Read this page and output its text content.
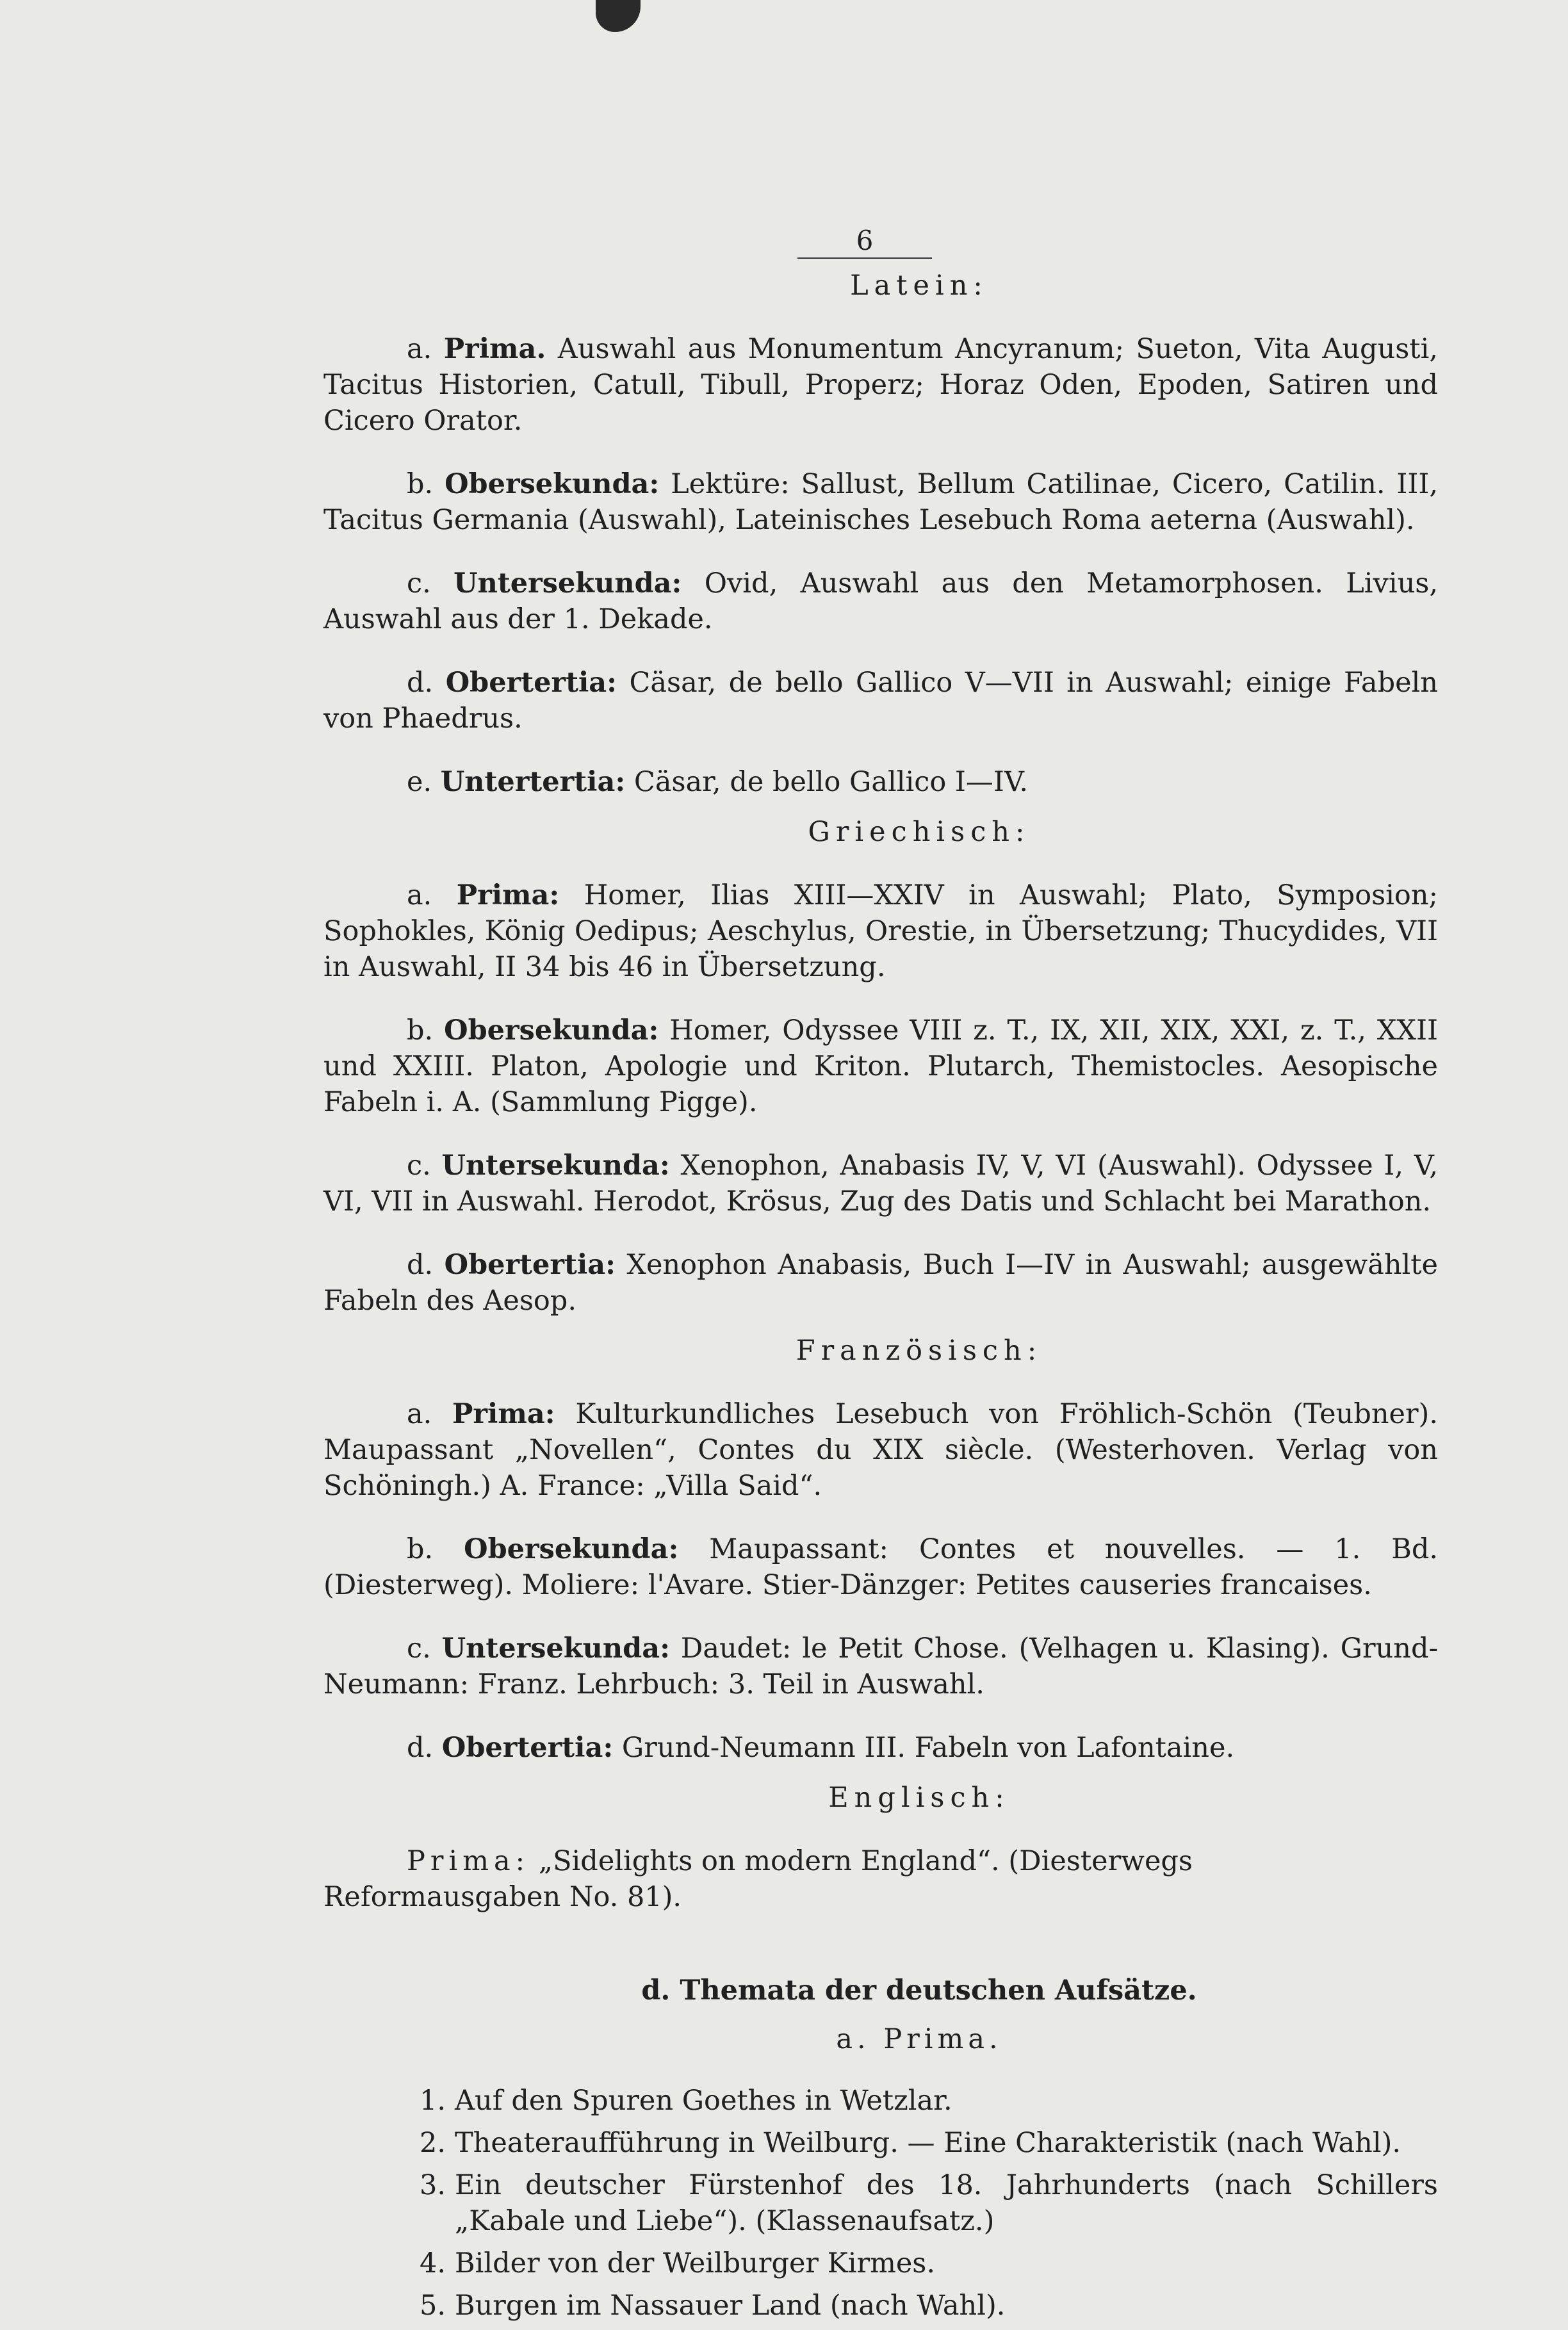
6
Latein:

a. Prima. Auswahl aus Monumentum Ancyranum; Sueton, Vita Augusti, Tacitus Historien, Catull, Tibull, Properz; Horaz Oden, Epoden, Satiren und Cicero Orator.

b. Obersekunda: Lektüre: Sallust, Bellum Catilinae, Cicero, Catilin. III, Tacitus Germania (Auswahl), Lateinisches Lesebuch Roma aeterna (Auswahl).

c. Untersekunda: Ovid, Auswahl aus den Metamorphosen. Livius, Auswahl aus der 1. Dekade.

d. Obertertia: Cäsar, de bello Gallico V—VII in Auswahl; einige Fabeln von Phaedrus.

e. Untertertia: Cäsar, de bello Gallico I—IV.

Griechisch:

a. Prima: Homer, Ilias XIII—XXIV in Auswahl; Plato, Symposion; Sophokles, König Oedipus; Aeschylus, Orestie, in Übersetzung; Thucydides, VII in Auswahl, II 34 bis 46 in Übersetzung.

b. Obersekunda: Homer, Odyssee VIII z. T., IX, XII, XIX, XXI, z. T., XXII und XXIII. Platon, Apologie und Kriton. Plutarch, Themistocles. Aesopische Fabeln i. A. (Sammlung Pigge).

c. Untersekunda: Xenophon, Anabasis IV, V, VI (Auswahl). Odyssee I, V, VI, VII in Auswahl. Herodot, Krösus, Zug des Datis und Schlacht bei Marathon.

d. Obertertia: Xenophon Anabasis, Buch I—IV in Auswahl; ausgewählte Fabeln des Aesop.

Französisch:

a. Prima: Kulturkundliches Lesebuch von Fröhlich-Schön (Teubner). Maupassant „Novellen“, Contes du XIX siècle. (Westerhoven. Verlag von Schöningh.) A. France: „Villa Said“.

b. Obersekunda: Maupassant: Contes et nouvelles. — 1. Bd. (Diesterweg). Moliere: l'Avare. Stier-Dänzger: Petites causeries francaises.

c. Untersekunda: Daudet: le Petit Chose. (Velhagen u. Klasing). Grund-Neumann: Franz. Lehrbuch: 3. Teil in Auswahl.

d. Obertertia: Grund-Neumann III. Fabeln von Lafontaine.

Englisch:

Prima: „Sidelights on modern England“. (Diesterwegs Reformausgaben No. 81).

d. Themata der deutschen Aufsätze.
a. Prima.
1. Auf den Spuren Goethes in Wetzlar.
2. Theateraufführung in Weilburg. — Eine Charakteristik (nach Wahl).
3. Ein deutscher Fürstenhof des 18. Jahrhunderts (nach Schillers „Kabale und Liebe“). (Klassenaufsatz.)
4. Bilder von der Weilburger Kirmes.
5. Burgen im Nassauer Land (nach Wahl).
